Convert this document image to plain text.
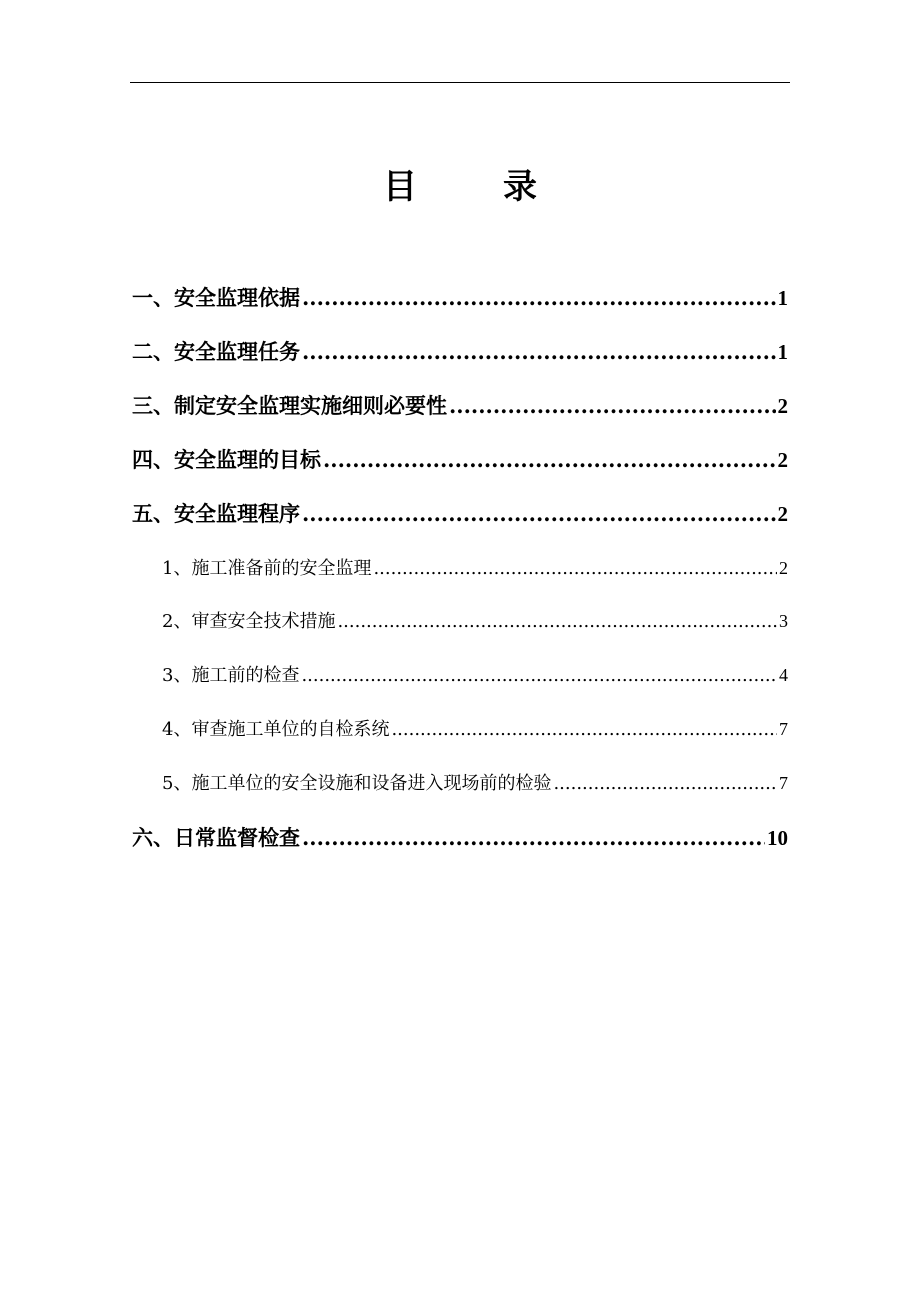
目	录
一、安全监理依据 .....	1
二、安全监理任务 .....	1
三、制定安全监理实施细则必要性 .....	2
四、安全监理的目标 .....	2
五、安全监理程序 .....	2
1、施工准备前的安全监理 .....	2
2、审查安全技术措施 .....	3
3、施工前的检查 .....	4
4、审查施工单位的自检系统 .....	7
5、施工单位的安全设施和设备进入现场前的检验 .....	7
六、日常监督检查 .....	10
